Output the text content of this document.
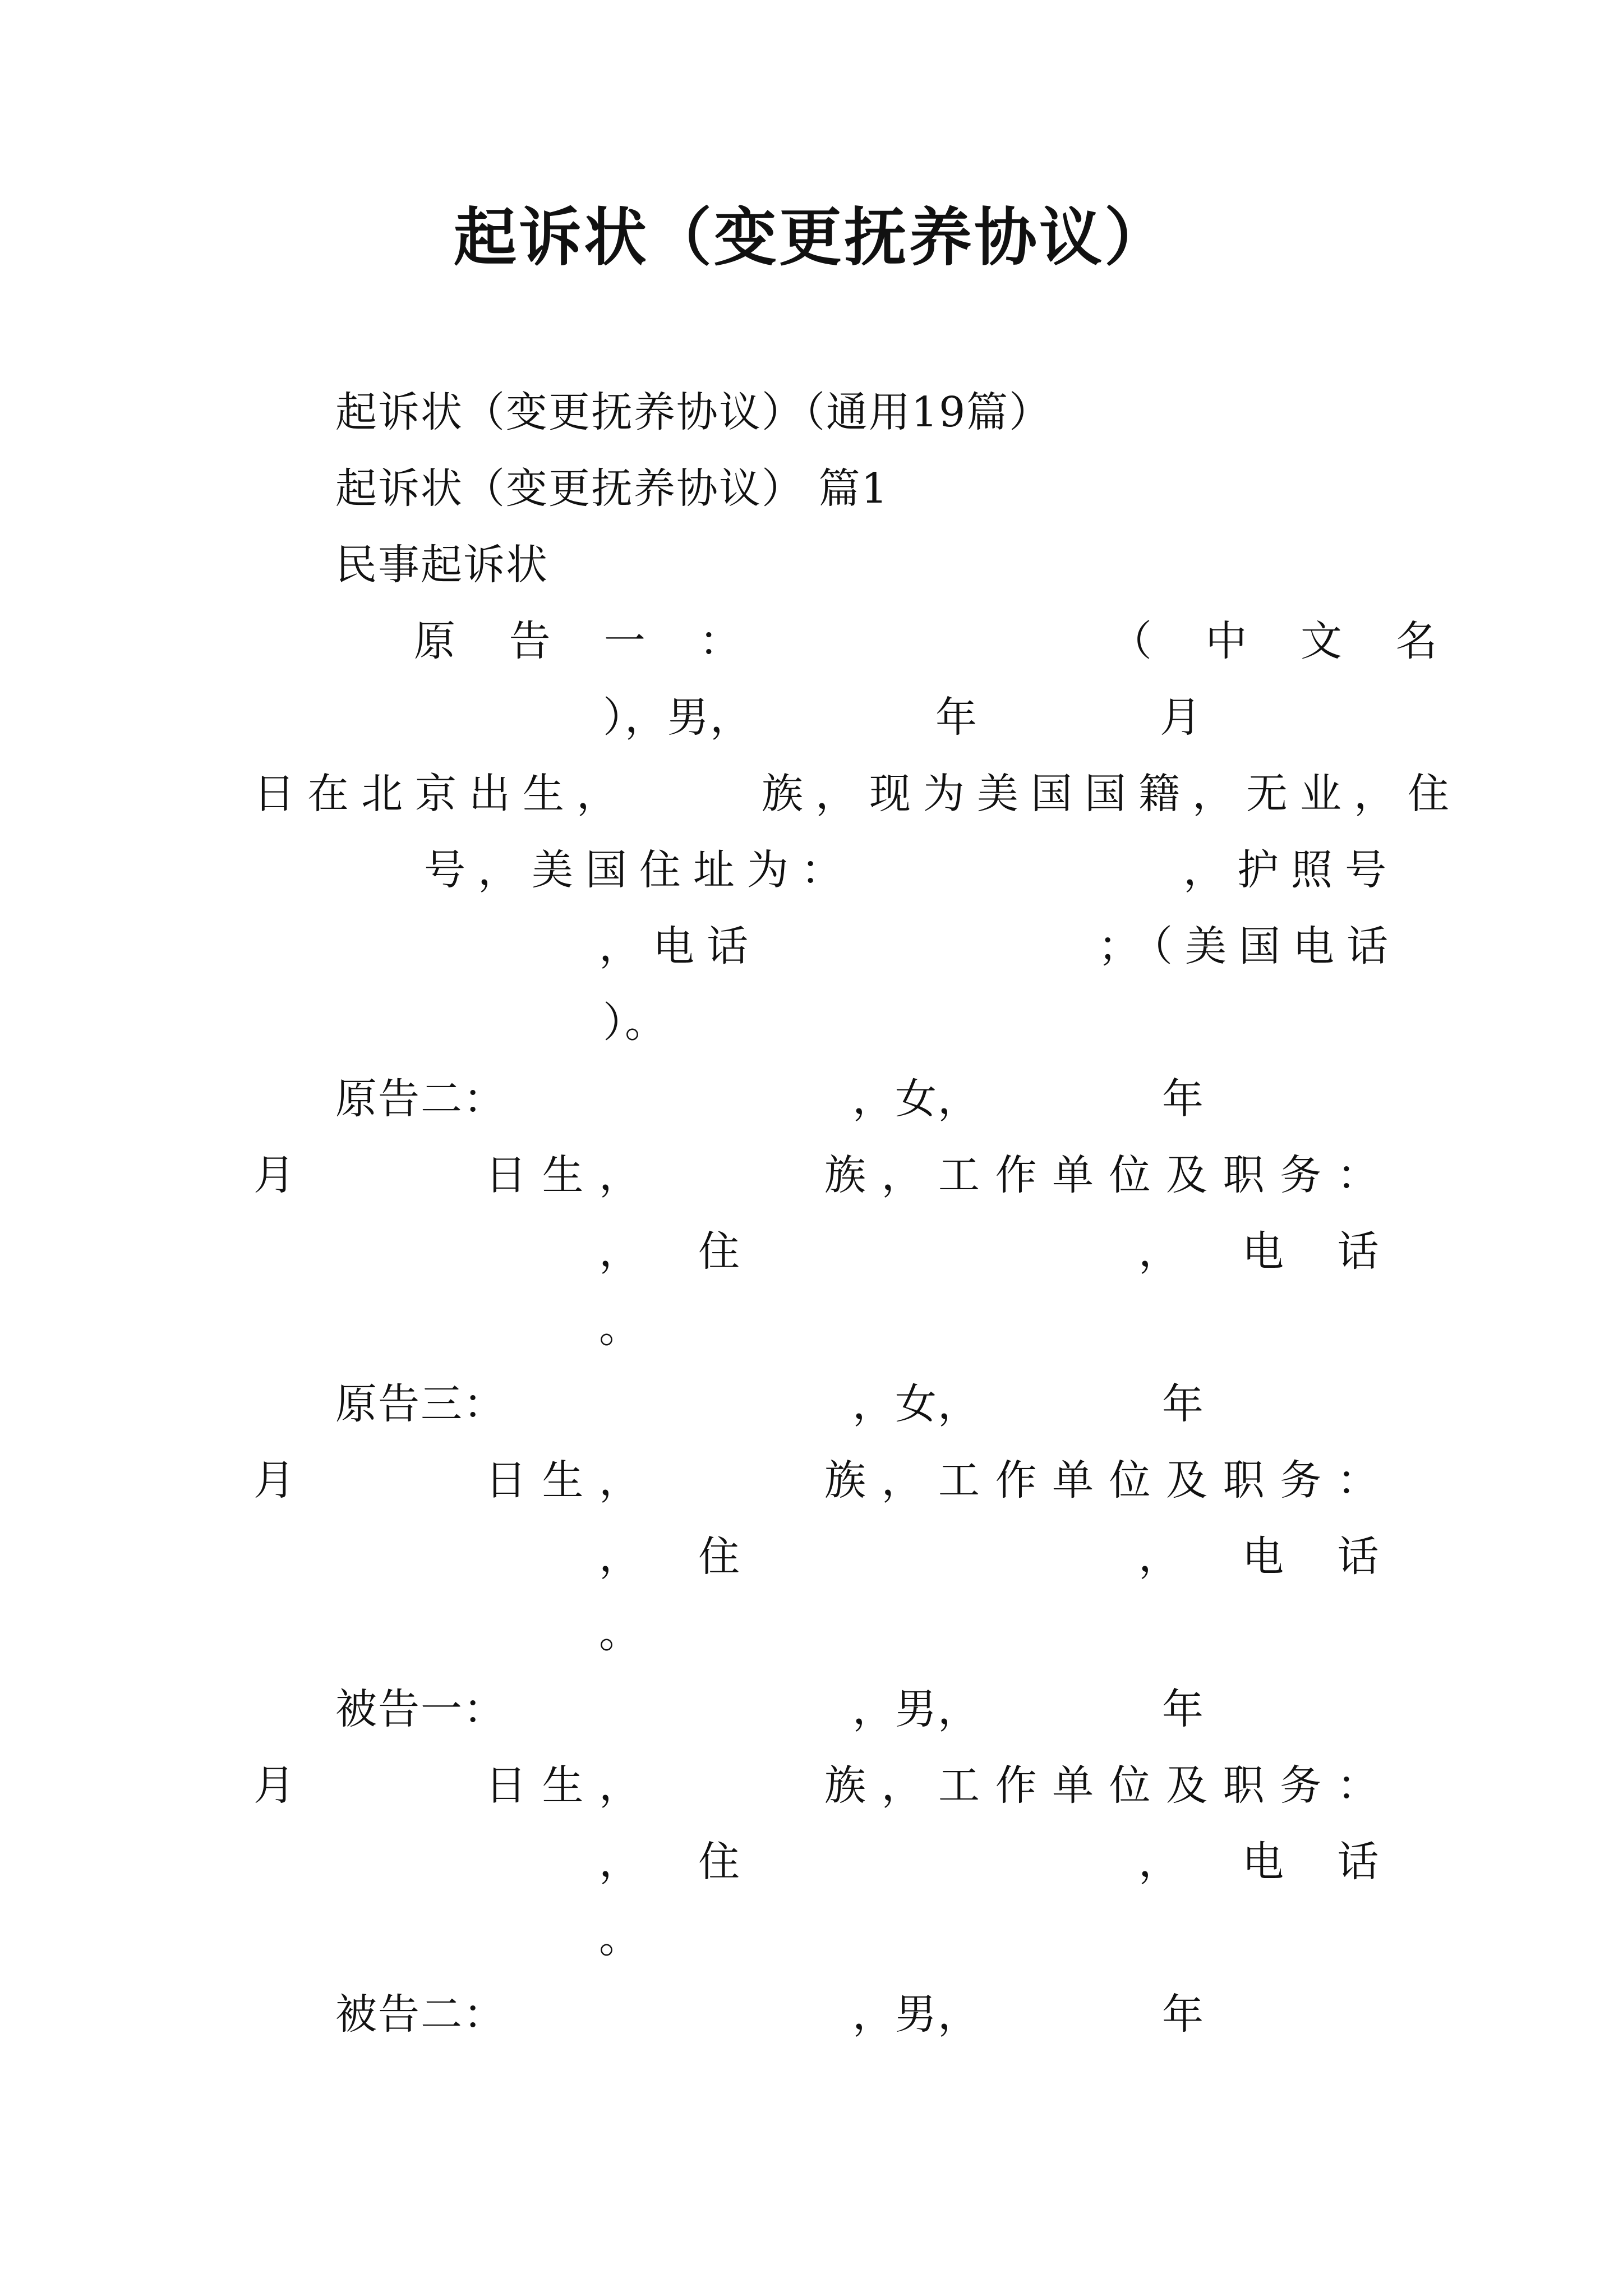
起诉状（变更抚养协议）
起诉状（变更抚养协议）（通用19篇）
起诉状（变更抚养协议） 篇1
民事起诉状
原 告 一 ：	（ 中 文 名
），男，	年	月
日在北京出生，	族，现为美国国籍，无业，住
号，美国住址为：	，护照号
，电话	；（美国电话
）。
原告二：	，女，	年
月	日 生 ，	族 ， 工 作 单 位 及 职 务 ：
， 住	， 电 话
。
原告三：	，女，	年
月	日 生 ，	族 ， 工 作 单 位 及 职 务 ：
， 住	， 电 话
。
被告一：	，男，	年
月	日 生 ，	族 ， 工 作 单 位 及 职 务 ：
， 住	， 电 话
。
被告二：	，男，	年
